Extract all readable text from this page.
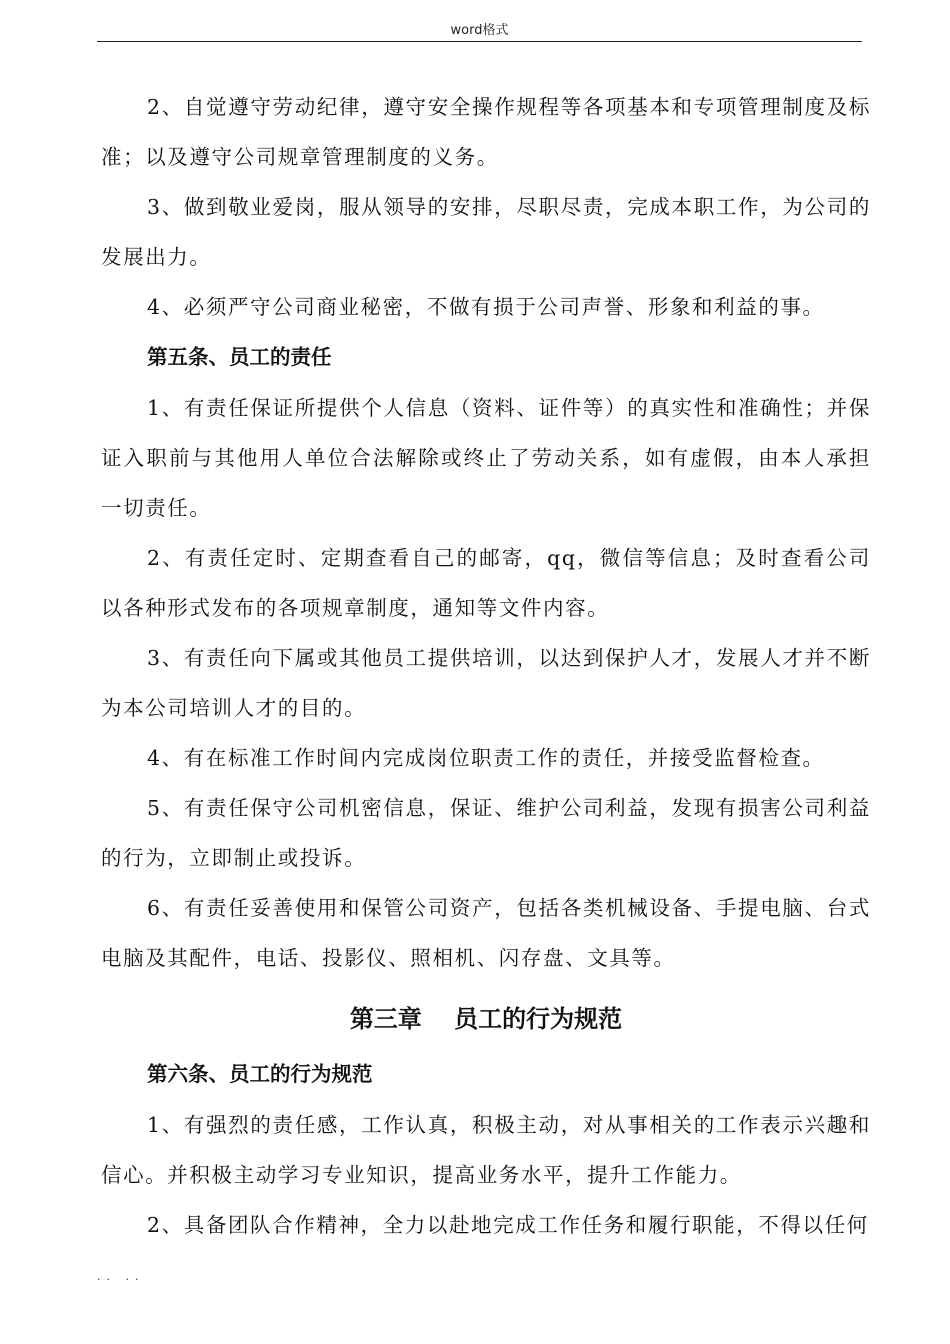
word格式

2、自觉遵守劳动纪律，遵守安全操作规程等各项基本和专项管理制度及标准；以及遵守公司规章管理制度的义务。

3、做到敬业爱岗，服从领导的安排，尽职尽责，完成本职工作，为公司的发展出力。

4、必须严守公司商业秘密，不做有损于公司声誉、形象和利益的事。

第五条、员工的责任

1、有责任保证所提供个人信息（资料、证件等）的真实性和准确性；并保证入职前与其他用人单位合法解除或终止了劳动关系，如有虚假，由本人承担一切责任。

2、有责任定时、定期查看自己的邮寄，qq，微信等信息；及时查看公司以各种形式发布的各项规章制度，通知等文件内容。

3、有责任向下属或其他员工提供培训，以达到保护人才，发展人才并不断为本公司培训人才的目的。

4、有在标准工作时间内完成岗位职责工作的责任，并接受监督检查。

5、有责任保守公司机密信息，保证、维护公司利益，发现有损害公司利益的行为，立即制止或投诉。

6、有责任妥善使用和保管公司资产，包括各类机械设备、手提电脑、台式电脑及其配件，电话、投影仪、照相机、闪存盘、文具等。

第三章　 员工的行为规范
第六条、员工的行为规范

1、有强烈的责任感，工作认真，积极主动，对从事相关的工作表示兴趣和信心。并积极主动学习专业知识，提高业务水平，提升工作能力。

2、具备团队合作精神，全力以赴地完成工作任务和履行职能，不得以任何

.. ..
